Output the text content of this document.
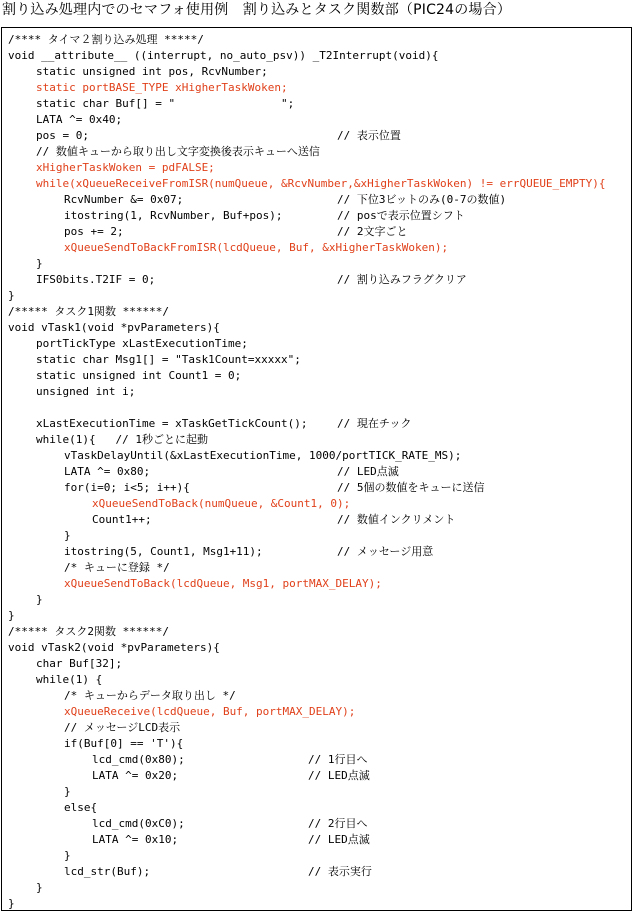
割り込み処理内でのセマフォ使用例　割り込みとタスク関数部（PIC24の場合）
/**** タイマ２割り込み処理 *****/
void __attribute__ ((interrupt, no_auto_psv)) _T2Interrupt(void){
static unsigned int pos, RcvNumber;
static portBASE_TYPE xHigherTaskWoken;
static char Buf[] = "                ";
LATA ^= 0x40;
pos = 0;	// 表示位置
// 数値キューから取り出し文字変換後表示キューへ送信
xHigherTaskWoken = pdFALSE;
while(xQueueReceiveFromISR(numQueue, &RcvNumber,&xHigherTaskWoken) != errQUEUE_EMPTY){
RcvNumber &= 0x07;	// 下位3ビットのみ(0-7の数値)
itostring(1, RcvNumber, Buf+pos);	// posで表示位置シフト
pos += 2;	// 2文字ごと
xQueueSendToBackFromISR(lcdQueue, Buf, &xHigherTaskWoken);
}
IFS0bits.T2IF = 0;	// 割り込みフラグクリア
}
/***** タスク1関数 ******/
void vTask1(void *pvParameters){
portTickType xLastExecutionTime;
static char Msg1[] = "Task1Count=xxxxx";
static unsigned int Count1 = 0;
unsigned int i;
xLastExecutionTime = xTaskGetTickCount();	// 現在チック
while(1){   // 1秒ごとに起動
vTaskDelayUntil(&xLastExecutionTime, 1000/portTICK_RATE_MS);
LATA ^= 0x80;	// LED点滅
for(i=0; i<5; i++){	// 5個の数値をキューに送信
xQueueSendToBack(numQueue, &Count1, 0);
Count1++;	// 数値インクリメント
}
itostring(5, Count1, Msg1+11);	// メッセージ用意
/* キューに登録 */
xQueueSendToBack(lcdQueue, Msg1, portMAX_DELAY);
}
}
/***** タスク2関数 ******/
void vTask2(void *pvParameters){
char Buf[32];
while(1) {
/* キューからデータ取り出し */
xQueueReceive(lcdQueue, Buf, portMAX_DELAY);
// メッセージLCD表示
if(Buf[0] == 'T'){
lcd_cmd(0x80);	// 1行目へ
LATA ^= 0x20;	// LED点滅
}
else{
lcd_cmd(0xC0);	// 2行目へ
LATA ^= 0x10;	// LED点滅
}
lcd_str(Buf);	// 表示実行
}
}
